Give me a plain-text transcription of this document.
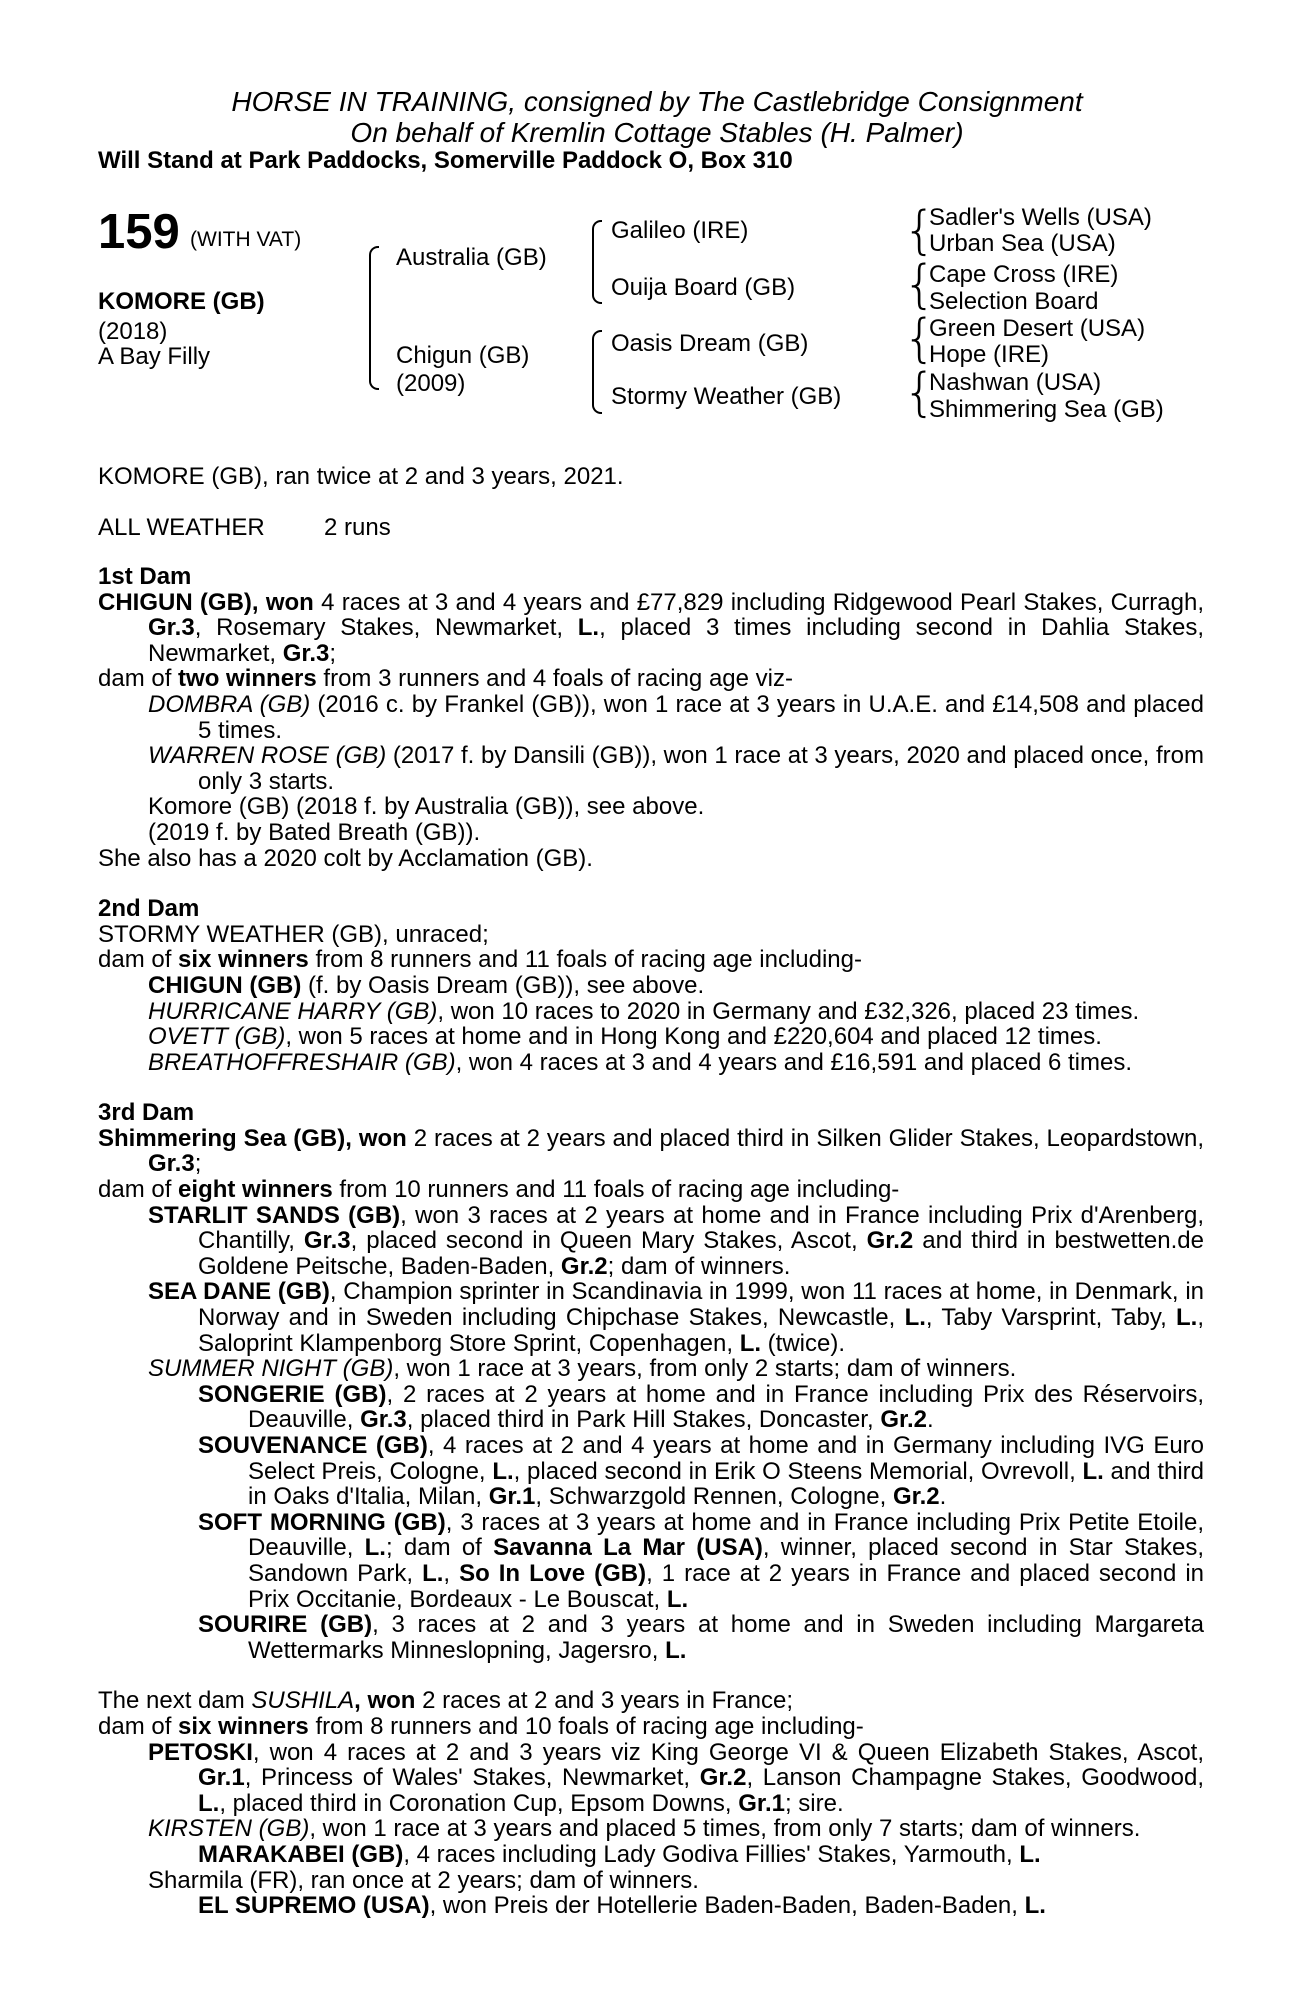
HORSE IN TRAINING, consigned by The Castlebridge Consignment
On behalf of Kremlin Cottage Stables (H. Palmer)
Will Stand at Park Paddocks, Somerville Paddock O, Box 310
159 (WITH VAT)
KOMORE (GB)
(2018)
A Bay Filly
Australia (GB)
Chigun (GB)
(2009)
Galileo (IRE)
Ouija Board (GB)
Oasis Dream (GB)
Stormy Weather (GB)
{
{
{
{
Sadler's Wells (USA)
Urban Sea (USA)
Cape Cross (IRE)
Selection Board
Green Desert (USA)
Hope (IRE)
Nashwan (USA)
Shimmering Sea (GB)
KOMORE (GB), ran twice at 2 and 3 years, 2021.
ALL WEATHER 2 runs

1st Dam

CHIGUN (GB), won 4 races at 3 and 4 years and £77,829 including Ridgewood Pearl Stakes, Curragh, Gr.3, Rosemary Stakes, Newmarket, L., placed 3 times including second in Dahlia Stakes, Newmarket, Gr.3;

dam of two winners from 3 runners and 4 foals of racing age viz-

DOMBRA (GB) (2016 c. by Frankel (GB)), won 1 race at 3 years in U.A.E. and £14,508 and placed 5 times.

WARREN ROSE (GB) (2017 f. by Dansili (GB)), won 1 race at 3 years, 2020 and placed once, from only 3 starts.

Komore (GB) (2018 f. by Australia (GB)), see above.

(2019 f. by Bated Breath (GB)).

She also has a 2020 colt by Acclamation (GB).

2nd Dam

STORMY WEATHER (GB), unraced;

dam of six winners from 8 runners and 11 foals of racing age including-

CHIGUN (GB) (f. by Oasis Dream (GB)), see above.

HURRICANE HARRY (GB), won 10 races to 2020 in Germany and £32,326, placed 23 times.

OVETT (GB), won 5 races at home and in Hong Kong and £220,604 and placed 12 times.

BREATHOFFRESHAIR (GB), won 4 races at 3 and 4 years and £16,591 and placed 6 times.

3rd Dam

Shimmering Sea (GB), won 2 races at 2 years and placed third in Silken Glider Stakes, Leopardstown, Gr.3;

dam of eight winners from 10 runners and 11 foals of racing age including-

STARLIT SANDS (GB), won 3 races at 2 years at home and in France including Prix d'Arenberg, Chantilly, Gr.3, placed second in Queen Mary Stakes, Ascot, Gr.2 and third in bestwetten.de Goldene Peitsche, Baden-Baden, Gr.2; dam of winners.

SEA DANE (GB), Champion sprinter in Scandinavia in 1999, won 11 races at home, in Denmark, in Norway and in Sweden including Chipchase Stakes, Newcastle, L., Taby Varsprint, Taby, L., Saloprint Klampenborg Store Sprint, Copenhagen, L. (twice).

SUMMER NIGHT (GB), won 1 race at 3 years, from only 2 starts; dam of winners.

SONGERIE (GB), 2 races at 2 years at home and in France including Prix des Réservoirs, Deauville, Gr.3, placed third in Park Hill Stakes, Doncaster, Gr.2.

SOUVENANCE (GB), 4 races at 2 and 4 years at home and in Germany including IVG Euro Select Preis, Cologne, L., placed second in Erik O Steens Memorial, Ovrevoll, L. and third in Oaks d'Italia, Milan, Gr.1, Schwarzgold Rennen, Cologne, Gr.2.

SOFT MORNING (GB), 3 races at 3 years at home and in France including Prix Petite Etoile, Deauville, L.; dam of Savanna La Mar (USA), winner, placed second in Star Stakes, Sandown Park, L., So In Love (GB), 1 race at 2 years in France and placed second in Prix Occitanie, Bordeaux - Le Bouscat, L.

SOURIRE (GB), 3 races at 2 and 3 years at home and in Sweden including Margareta Wettermarks Minneslopning, Jagersro, L.

The next dam SUSHILA, won 2 races at 2 and 3 years in France;

dam of six winners from 8 runners and 10 foals of racing age including-

PETOSKI, won 4 races at 2 and 3 years viz King George VI & Queen Elizabeth Stakes, Ascot, Gr.1, Princess of Wales' Stakes, Newmarket, Gr.2, Lanson Champagne Stakes, Goodwood, L., placed third in Coronation Cup, Epsom Downs, Gr.1; sire.

KIRSTEN (GB), won 1 race at 3 years and placed 5 times, from only 7 starts; dam of winners.

MARAKABEI (GB), 4 races including Lady Godiva Fillies' Stakes, Yarmouth, L.

Sharmila (FR), ran once at 2 years; dam of winners.

EL SUPREMO (USA), won Preis der Hotellerie Baden-Baden, Baden-Baden, L.
